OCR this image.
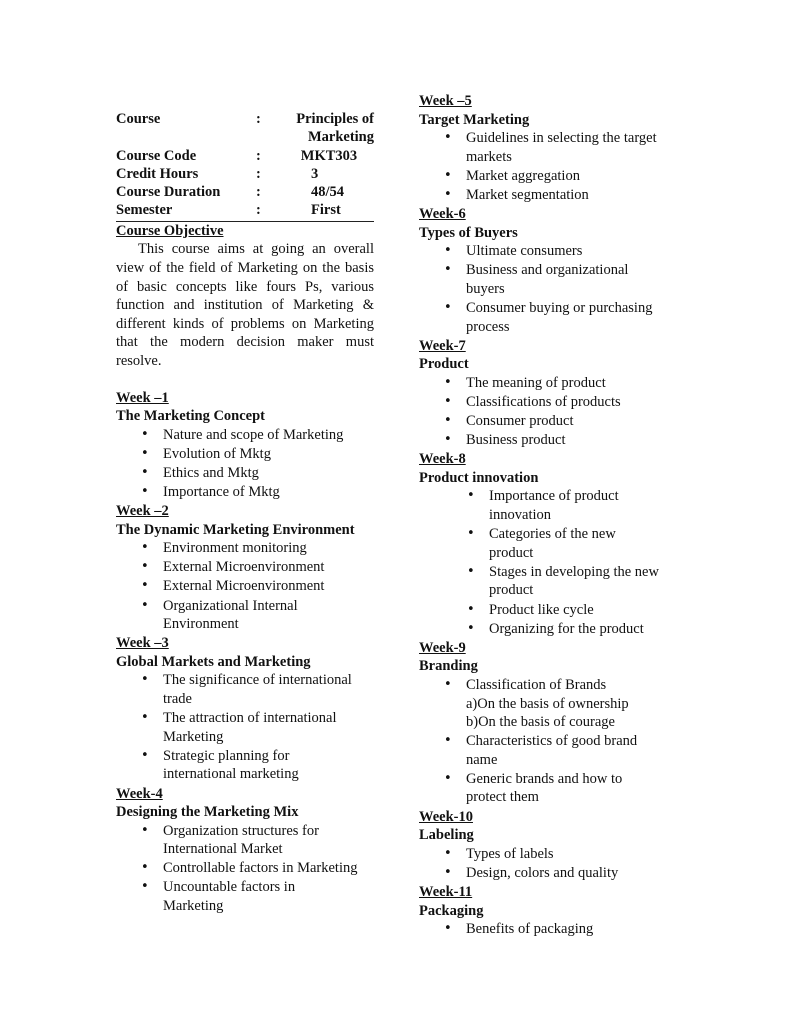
Course	:	Principles of Marketing
Course Code	:	MKT303
Credit Hours	:	3
Course Duration	:	48/54
Semester	:	First
Course Objective

This course aims at going an overall view of the field of Marketing on the basis of basic concepts like fours Ps, various function and institution of Marketing & different kinds of problems on Marketing that the modern decision maker must resolve.

Week –1
The Marketing Concept
• Nature and scope of Marketing
• Evolution of Mktg
• Ethics and Mktg
• Importance of Mktg
Week –2
The Dynamic Marketing Environment
• Environment monitoring
• External Microenvironment
• External Microenvironment
• Organizational Internal Environment
Week –3
Global Markets and Marketing
• The significance of international trade
• The attraction of international Marketing
• Strategic planning for international marketing
Week-4
Designing the Marketing Mix
• Organization structures for International Market
• Controllable factors in Marketing
• Uncountable factors in Marketing
Week –5
Target Marketing
• Guidelines in selecting the target markets
• Market aggregation
• Market segmentation
Week-6
Types of Buyers
• Ultimate consumers
• Business and organizational buyers
• Consumer buying or purchasing process
Week-7
Product
• The meaning of product
• Classifications of products
• Consumer product
• Business product
Week-8
Product innovation
• Importance of product innovation
• Categories of the new product
• Stages in developing the new product
• Product like cycle
• Organizing for the product
Week-9
Branding
• Classification of Brands
a)On the basis of ownership
b)On the basis of courage
• Characteristics of good brand name
• Generic brands and how to protect them
Week-10
Labeling
• Types of labels
• Design, colors and quality
Week-11
Packaging
• Benefits of packaging
